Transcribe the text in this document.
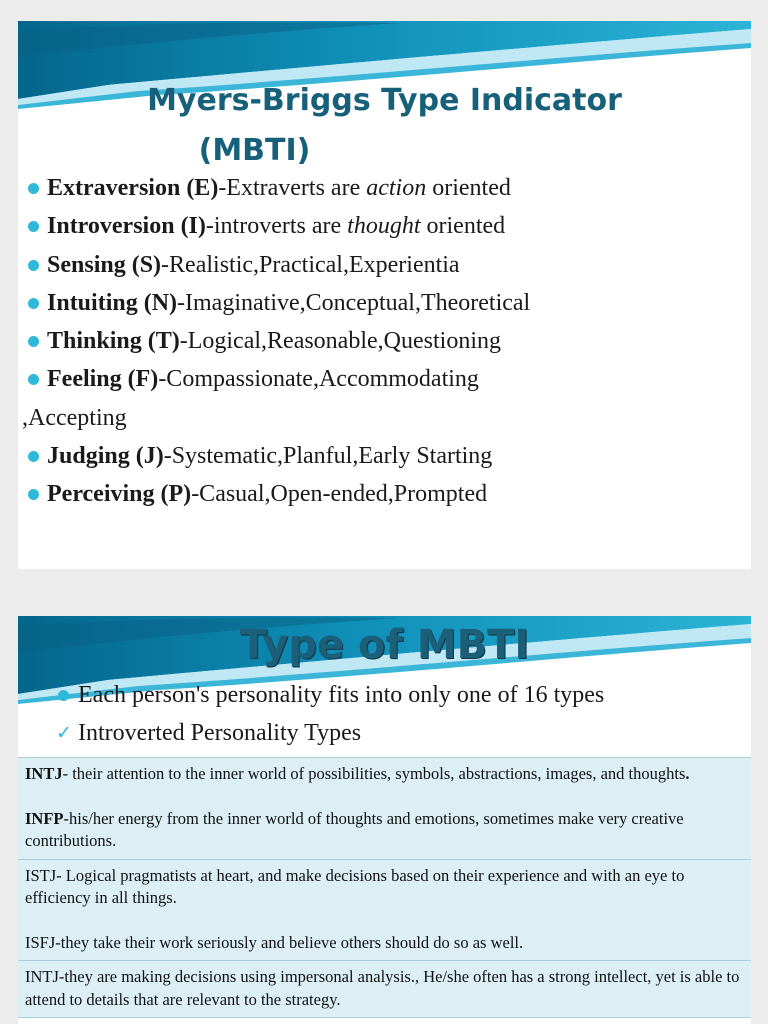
Myers-Briggs Type Indicator
(MBTI)
Extraversion (E)-Extraverts are action oriented
Introversion (I)-introverts are thought oriented
Sensing (S)-Realistic,Practical,Experientia
Intuiting (N)-Imaginative,Conceptual,Theoretical
Thinking (T)-Logical,Reasonable,Questioning
Feeling (F)-Compassionate,Accommodating
,Accepting
Judging (J)-Systematic,Planful,Early Starting
Perceiving (P)-Casual,Open-ended,Prompted
Type of MBTI
Each person's personality fits into only one of 16 types
✓ Introverted Personality Types

INTJ- their attention to the inner world of possibilities, symbols, abstractions, images, and thoughts.

INFP-his/her energy from the inner world of thoughts and emotions, sometimes make very creative contributions.

ISTJ- Logical pragmatists at heart, and make decisions based on their experience and with an eye to efficiency in all things.

ISFJ-they take their work seriously and believe others should do so as well.

INTJ-they are making decisions using impersonal analysis., He/she often has a strong intellect, yet is able to attend to details that are relevant to the strategy.
